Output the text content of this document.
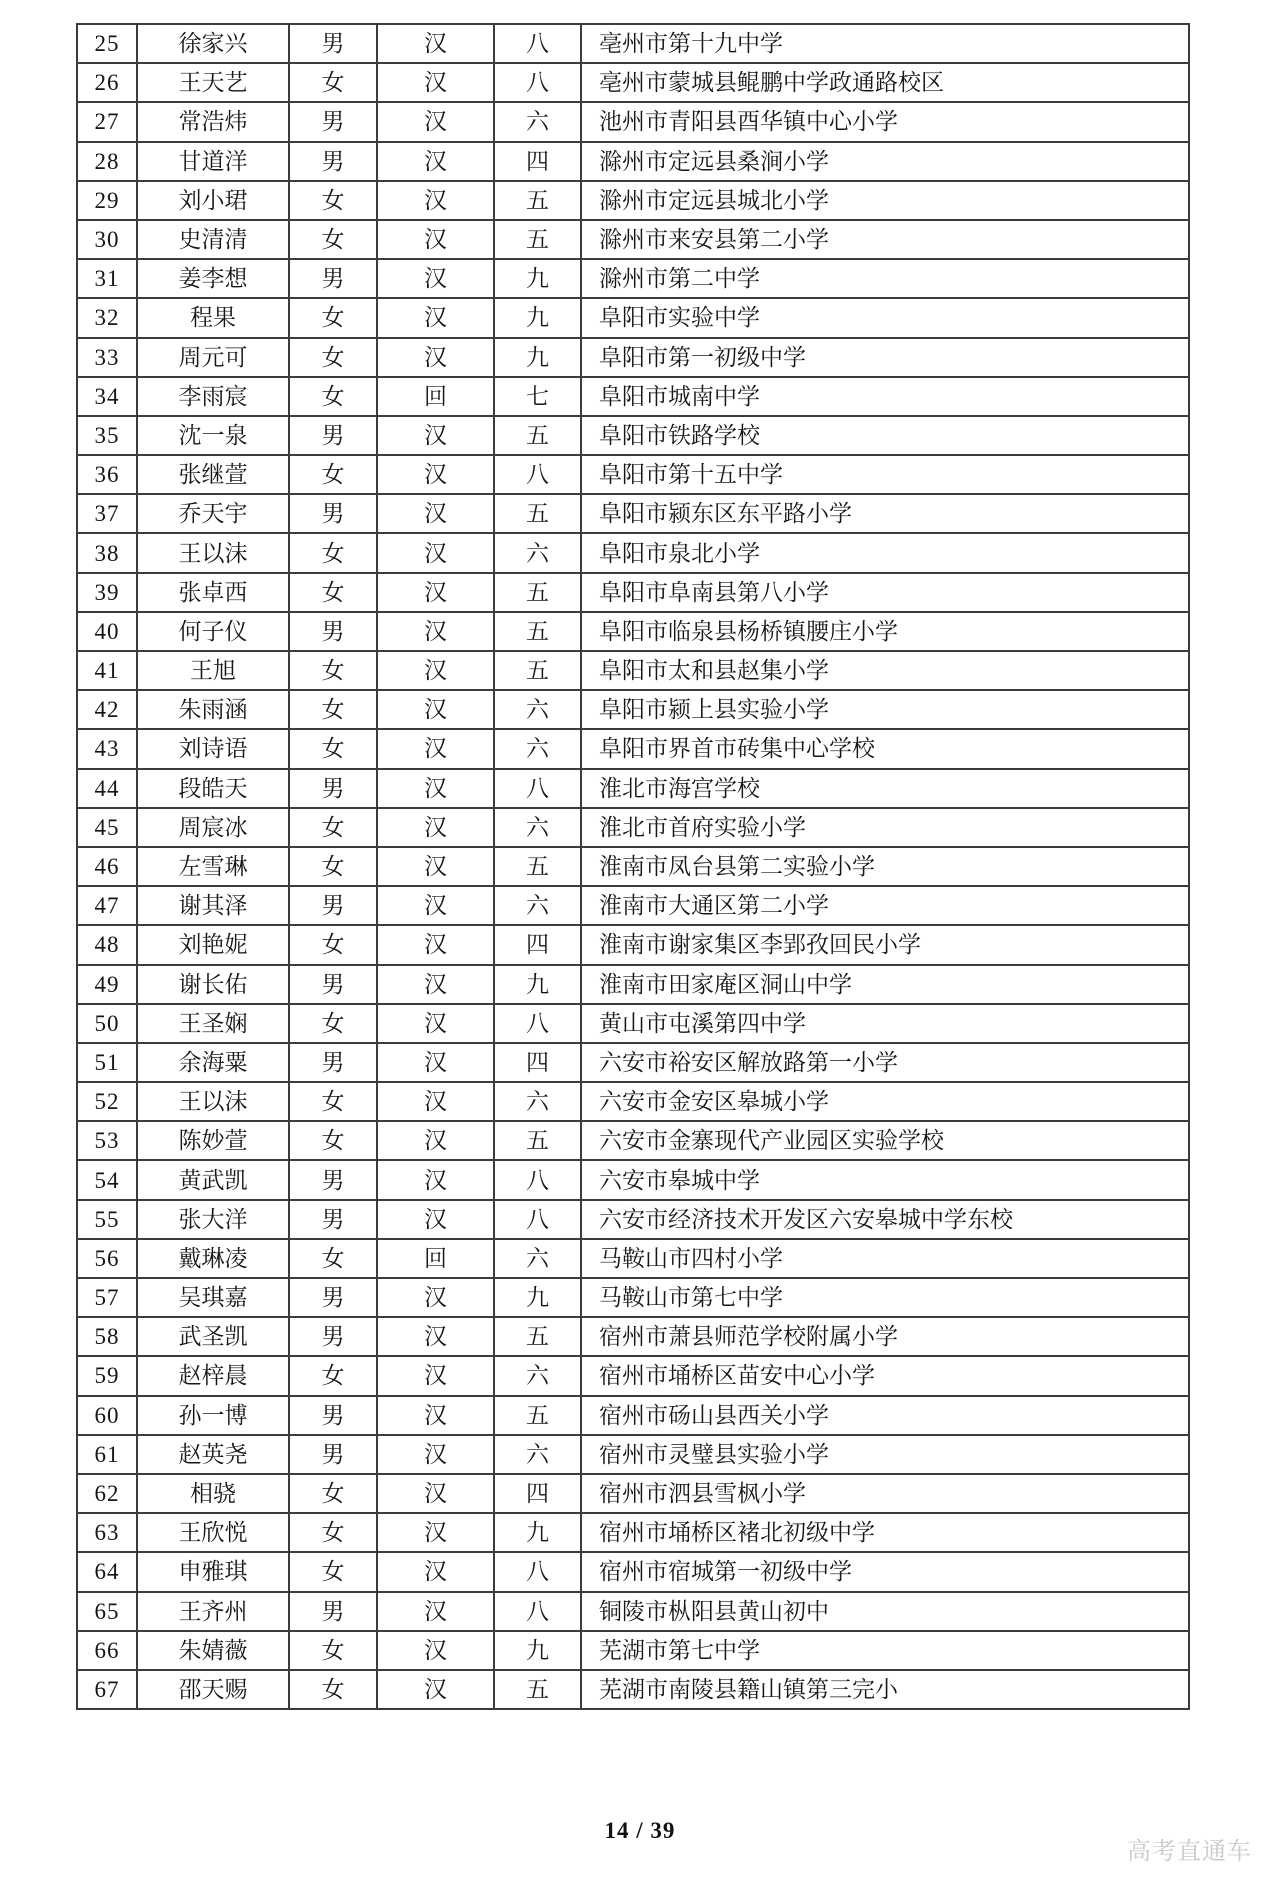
25	徐家兴	男	汉	八	亳州市第十九中学
26	王天艺	女	汉	八	亳州市蒙城县鲲鹏中学政通路校区
27	常浩炜	男	汉	六	池州市青阳县酉华镇中心小学
28	甘道洋	男	汉	四	滁州市定远县桑涧小学
29	刘小珺	女	汉	五	滁州市定远县城北小学
30	史清清	女	汉	五	滁州市来安县第二小学
31	姜李想	男	汉	九	滁州市第二中学
32	程果	女	汉	九	阜阳市实验中学
33	周元可	女	汉	九	阜阳市第一初级中学
34	李雨宸	女	回	七	阜阳市城南中学
35	沈一泉	男	汉	五	阜阳市铁路学校
36	张继萱	女	汉	八	阜阳市第十五中学
37	乔天宇	男	汉	五	阜阳市颍东区东平路小学
38	王以沫	女	汉	六	阜阳市泉北小学
39	张卓西	女	汉	五	阜阳市阜南县第八小学
40	何子仪	男	汉	五	阜阳市临泉县杨桥镇腰庄小学
41	王旭	女	汉	五	阜阳市太和县赵集小学
42	朱雨涵	女	汉	六	阜阳市颍上县实验小学
43	刘诗语	女	汉	六	阜阳市界首市砖集中心学校
44	段皓天	男	汉	八	淮北市海宫学校
45	周宸冰	女	汉	六	淮北市首府实验小学
46	左雪琳	女	汉	五	淮南市凤台县第二实验小学
47	谢其泽	男	汉	六	淮南市大通区第二小学
48	刘艳妮	女	汉	四	淮南市谢家集区李郢孜回民小学
49	谢长佑	男	汉	九	淮南市田家庵区洞山中学
50	王圣娴	女	汉	八	黄山市屯溪第四中学
51	余海粟	男	汉	四	六安市裕安区解放路第一小学
52	王以沫	女	汉	六	六安市金安区皋城小学
53	陈妙萱	女	汉	五	六安市金寨现代产业园区实验学校
54	黄武凯	男	汉	八	六安市皋城中学
55	张大洋	男	汉	八	六安市经济技术开发区六安皋城中学东校
56	戴琳凌	女	回	六	马鞍山市四村小学
57	吴琪嘉	男	汉	九	马鞍山市第七中学
58	武圣凯	男	汉	五	宿州市萧县师范学校附属小学
59	赵梓晨	女	汉	六	宿州市埇桥区苗安中心小学
60	孙一博	男	汉	五	宿州市砀山县西关小学
61	赵英尧	男	汉	六	宿州市灵璧县实验小学
62	相骁	女	汉	四	宿州市泗县雪枫小学
63	王欣悦	女	汉	九	宿州市埇桥区褚北初级中学
64	申雅琪	女	汉	八	宿州市宿城第一初级中学
65	王齐州	男	汉	八	铜陵市枞阳县黄山初中
66	朱婧薇	女	汉	九	芜湖市第七中学
67	邵天赐	女	汉	五	芜湖市南陵县籍山镇第三完小
14 / 39
高考直通车
